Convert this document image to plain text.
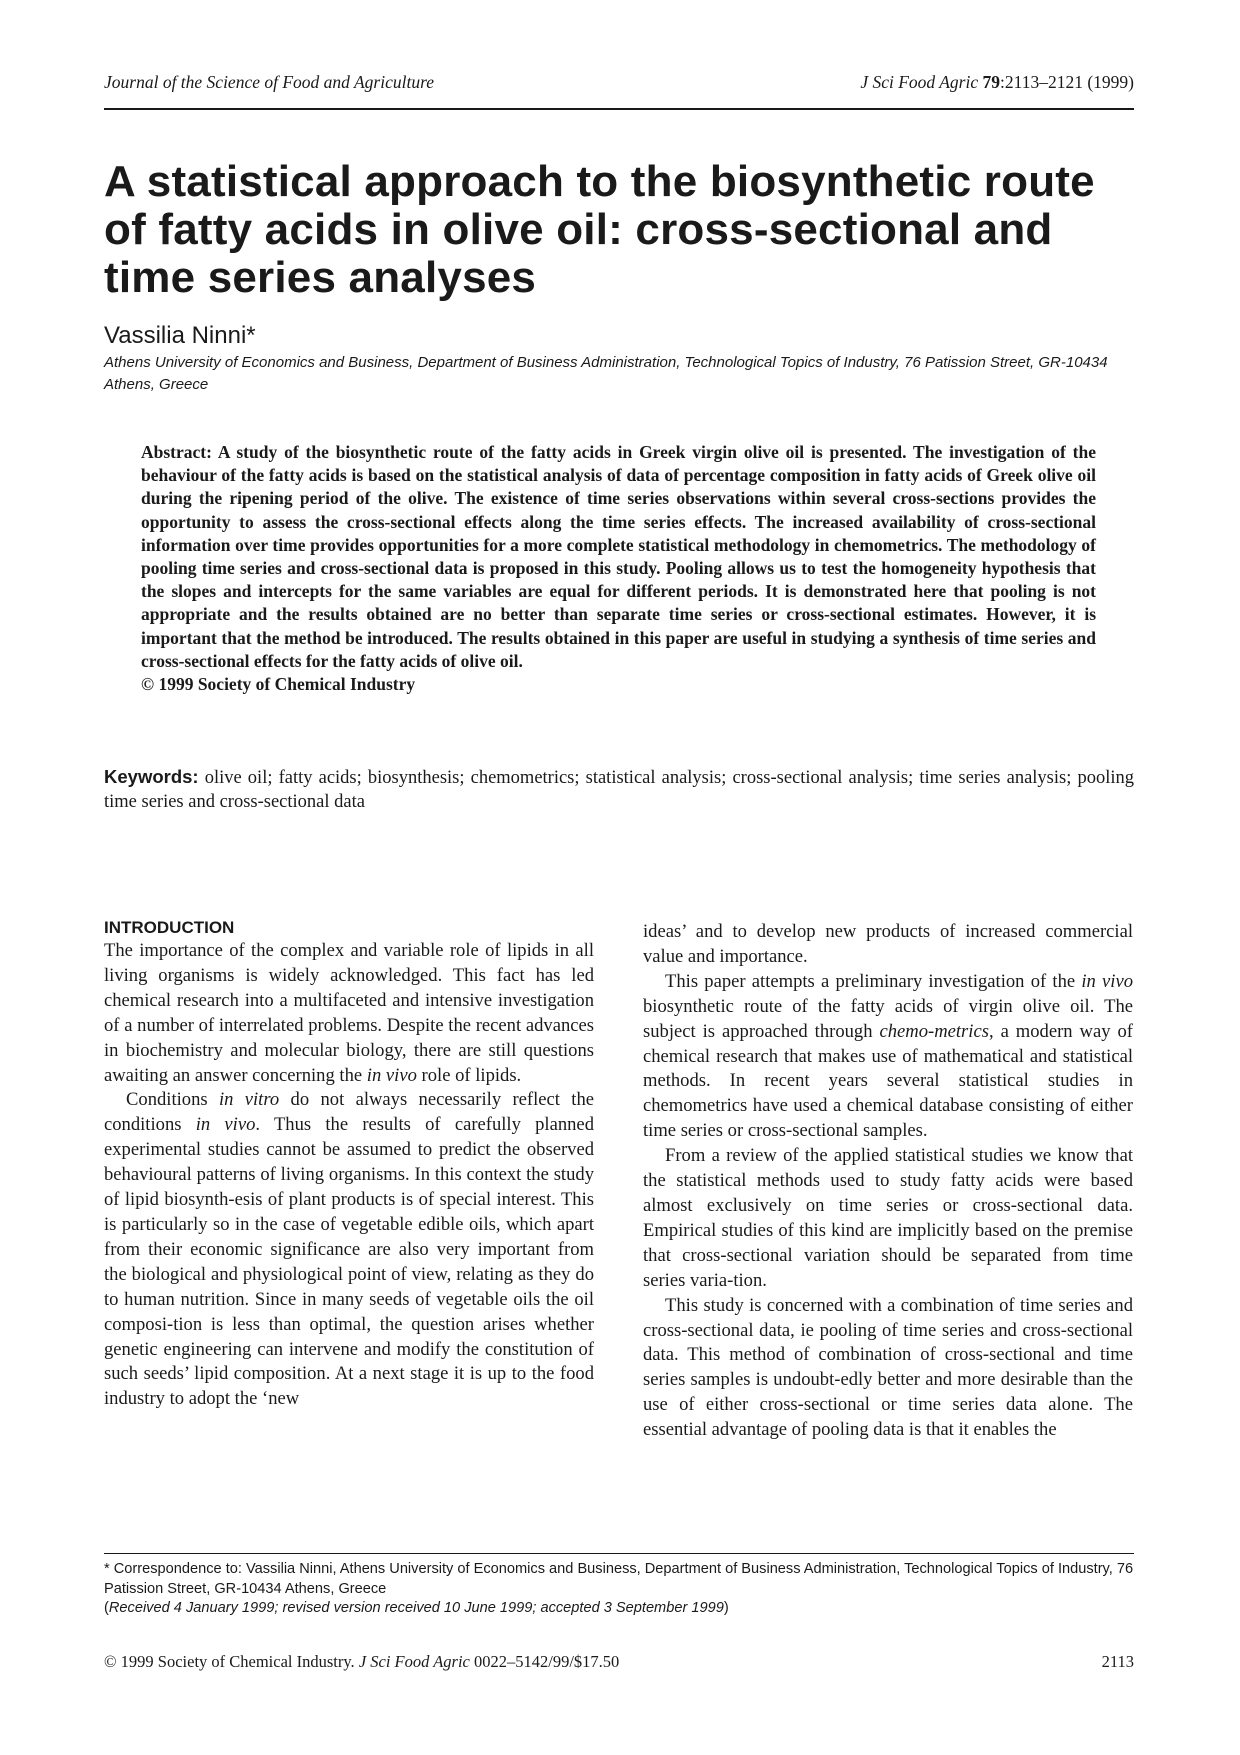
Journal of the Science of Food and Agriculture	J Sci Food Agric 79:2113–2121 (1999)
A statistical approach to the biosynthetic route of fatty acids in olive oil: cross-sectional and time series analyses
Vassilia Ninni*
Athens University of Economics and Business, Department of Business Administration, Technological Topics of Industry, 76 Patission Street, GR-10434 Athens, Greece
Abstract: A study of the biosynthetic route of the fatty acids in Greek virgin olive oil is presented. The investigation of the behaviour of the fatty acids is based on the statistical analysis of data of percentage composition in fatty acids of Greek olive oil during the ripening period of the olive. The existence of time series observations within several cross-sections provides the opportunity to assess the cross-sectional effects along the time series effects. The increased availability of cross-sectional information over time provides opportunities for a more complete statistical methodology in chemometrics. The methodology of pooling time series and cross-sectional data is proposed in this study. Pooling allows us to test the homogeneity hypothesis that the slopes and intercepts for the same variables are equal for different periods. It is demonstrated here that pooling is not appropriate and the results obtained are no better than separate time series or cross-sectional estimates. However, it is important that the method be introduced. The results obtained in this paper are useful in studying a synthesis of time series and cross-sectional effects for the fatty acids of olive oil.
© 1999 Society of Chemical Industry
Keywords: olive oil; fatty acids; biosynthesis; chemometrics; statistical analysis; cross-sectional analysis; time series analysis; pooling time series and cross-sectional data
INTRODUCTION

The importance of the complex and variable role of lipids in all living organisms is widely acknowledged. This fact has led chemical research into a multifaceted and intensive investigation of a number of interrelated problems. Despite the recent advances in biochemistry and molecular biology, there are still questions awaiting an answer concerning the in vivo role of lipids.

Conditions in vitro do not always necessarily reflect the conditions in vivo. Thus the results of carefully planned experimental studies cannot be assumed to predict the observed behavioural patterns of living organisms. In this context the study of lipid biosynth-esis of plant products is of special interest. This is particularly so in the case of vegetable edible oils, which apart from their economic significance are also very important from the biological and physiological point of view, relating as they do to human nutrition. Since in many seeds of vegetable oils the oil composi-tion is less than optimal, the question arises whether genetic engineering can intervene and modify the constitution of such seeds’ lipid composition. At a next stage it is up to the food industry to adopt the ‘new

ideas’ and to develop new products of increased commercial value and importance.

This paper attempts a preliminary investigation of the in vivo biosynthetic route of the fatty acids of virgin olive oil. The subject is approached through chemo-metrics, a modern way of chemical research that makes use of mathematical and statistical methods. In recent years several statistical studies in chemometrics have used a chemical database consisting of either time series or cross-sectional samples.

From a review of the applied statistical studies we know that the statistical methods used to study fatty acids were based almost exclusively on time series or cross-sectional data. Empirical studies of this kind are implicitly based on the premise that cross-sectional variation should be separated from time series varia-tion.

This study is concerned with a combination of time series and cross-sectional data, ie pooling of time series and cross-sectional data. This method of combination of cross-sectional and time series samples is undoubt-edly better and more desirable than the use of either cross-sectional or time series data alone. The essential advantage of pooling data is that it enables the

* Correspondence to: Vassilia Ninni, Athens University of Economics and Business, Department of Business Administration, Technological Topics of Industry, 76 Patission Street, GR-10434 Athens, Greece

(Received 4 January 1999; revised version received 10 June 1999; accepted 3 September 1999)

© 1999 Society of Chemical Industry. J Sci Food Agric 0022–5142/99/$17.50	2113
